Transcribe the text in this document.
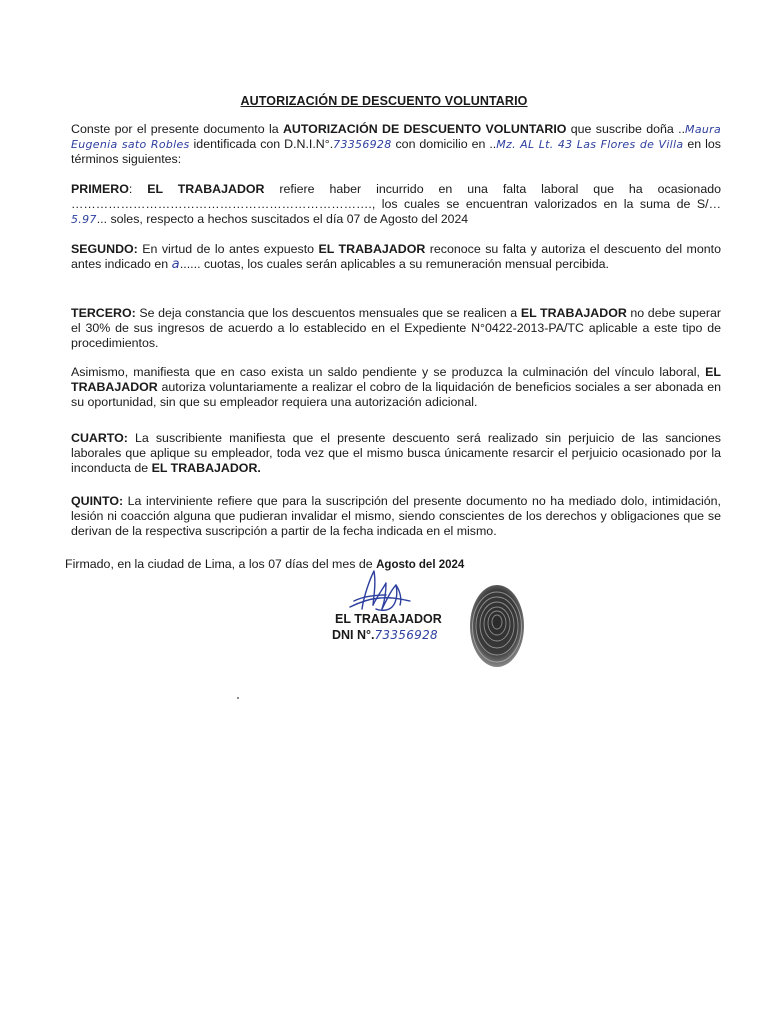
AUTORIZACIÓN DE DESCUENTO VOLUNTARIO
Conste por el presente documento la AUTORIZACIÓN DE DESCUENTO VOLUNTARIO que suscribe doña ..Maura Eugenia sato Robles identificada con D.N.I.N°.73356928 con domicilio en ..Mz. AL Lt. 43 Las Flores de Villa en los términos siguientes:
PRIMERO: EL TRABAJADOR refiere haber incurrido en una falta laboral que ha ocasionado ………………………………………………………………., los cuales se encuentran valorizados en la suma de S/…5.97... soles, respecto a hechos suscitados el día 07 de Agosto del 2024
SEGUNDO: En virtud de lo antes expuesto EL TRABAJADOR reconoce su falta y autoriza el descuento del monto antes indicado en a...... cuotas, los cuales serán aplicables a su remuneración mensual percibida.
TERCERO: Se deja constancia que los descuentos mensuales que se realicen a EL TRABAJADOR no debe superar el 30% de sus ingresos de acuerdo a lo establecido en el Expediente N°0422-2013-PA/TC aplicable a este tipo de procedimientos.
Asimismo, manifiesta que en caso exista un saldo pendiente y se produzca la culminación del vínculo laboral, EL TRABAJADOR autoriza voluntariamente a realizar el cobro de la liquidación de beneficios sociales a ser abonada en su oportunidad, sin que su empleador requiera una autorización adicional.
CUARTO: La suscribiente manifiesta que el presente descuento será realizado sin perjuicio de las sanciones laborales que aplique su empleador, toda vez que el mismo busca únicamente resarcir el perjuicio ocasionado por la inconducta de EL TRABAJADOR.
QUINTO: La interviniente refiere que para la suscripción del presente documento no ha mediado dolo, intimidación, lesión ni coacción alguna que pudieran invalidar el mismo, siendo conscientes de los derechos y obligaciones que se derivan de la respectiva suscripción a partir de la fecha indicada en el mismo.
Firmado, en la ciudad de Lima, a los 07 días del mes de Agosto del 2024
EL TRABAJADOR
DNI N°.73356928
